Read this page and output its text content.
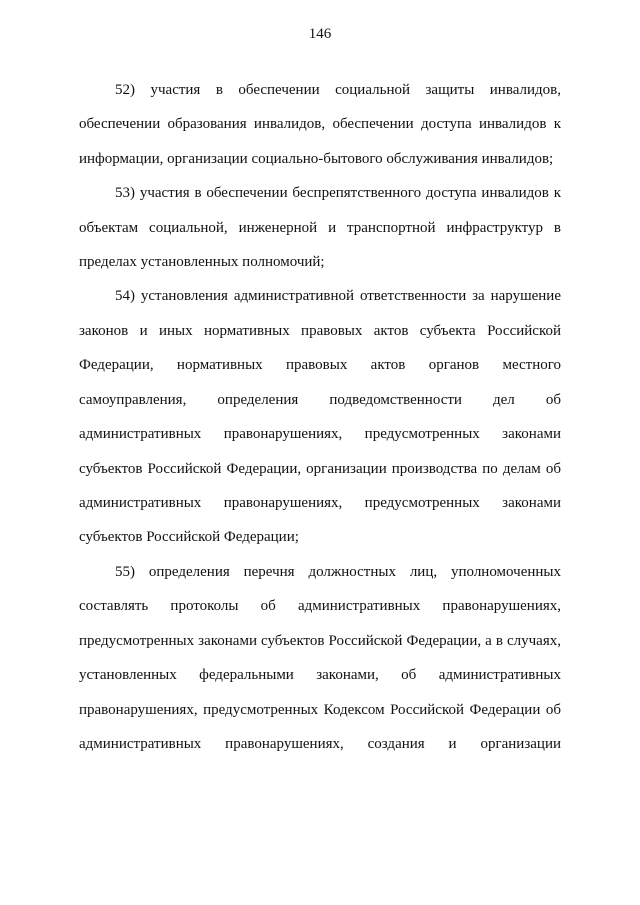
146
52) участия в обеспечении социальной защиты инвалидов,
обеспечении образования инвалидов, обеспечении доступа инвалидов к
информации, организации социально-бытового обслуживания инвалидов;
53) участия в обеспечении беспрепятственного доступа инвалидов к
объектам социальной, инженерной и транспортной инфраструктур в
пределах установленных полномочий;
54) установления административной ответственности за нарушение
законов и иных нормативных правовых актов субъекта Российской
Федерации, нормативных правовых актов органов местного
самоуправления, определения подведомственности дел об
административных правонарушениях, предусмотренных законами
субъектов Российской Федерации, организации производства по делам об
административных правонарушениях, предусмотренных законами
субъектов Российской Федерации;
55) определения перечня должностных лиц, уполномоченных
составлять протоколы об административных правонарушениях,
предусмотренных законами субъектов Российской Федерации, а в случаях,
установленных федеральными законами, об административных
правонарушениях, предусмотренных Кодексом Российской Федерации об
административных правонарушениях, создания и организации
